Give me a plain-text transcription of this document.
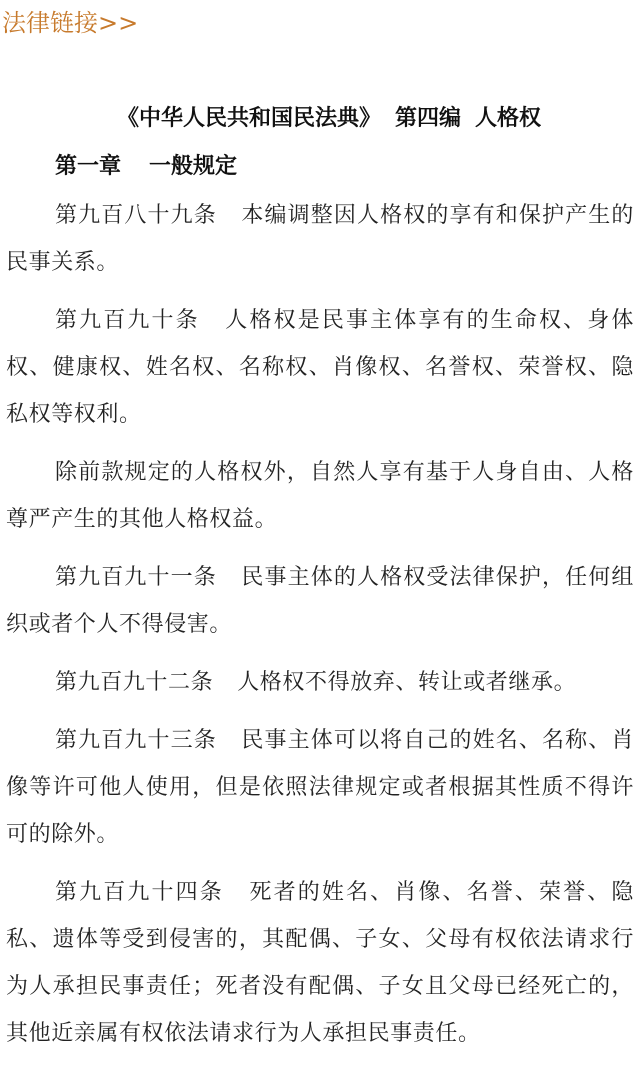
法律链接>>
《中华人民共和国民法典》 第四编 人格权
第一章 一般规定

第九百八十九条 本编调整因人格权的享有和保护产生的民事关系。

第九百九十条 人格权是民事主体享有的生命权、身体权、健康权、姓名权、名称权、肖像权、名誉权、荣誉权、隐私权等权利。

除前款规定的人格权外，自然人享有基于人身自由、人格尊严产生的其他人格权益。

第九百九十一条 民事主体的人格权受法律保护，任何组织或者个人不得侵害。

第九百九十二条 人格权不得放弃、转让或者继承。

第九百九十三条 民事主体可以将自己的姓名、名称、肖像等许可他人使用，但是依照法律规定或者根据其性质不得许可的除外。

第九百九十四条 死者的姓名、肖像、名誉、荣誉、隐私、遗体等受到侵害的，其配偶、子女、父母有权依法请求行为人承担民事责任；死者没有配偶、子女且父母已经死亡的，其他近亲属有权依法请求行为人承担民事责任。
